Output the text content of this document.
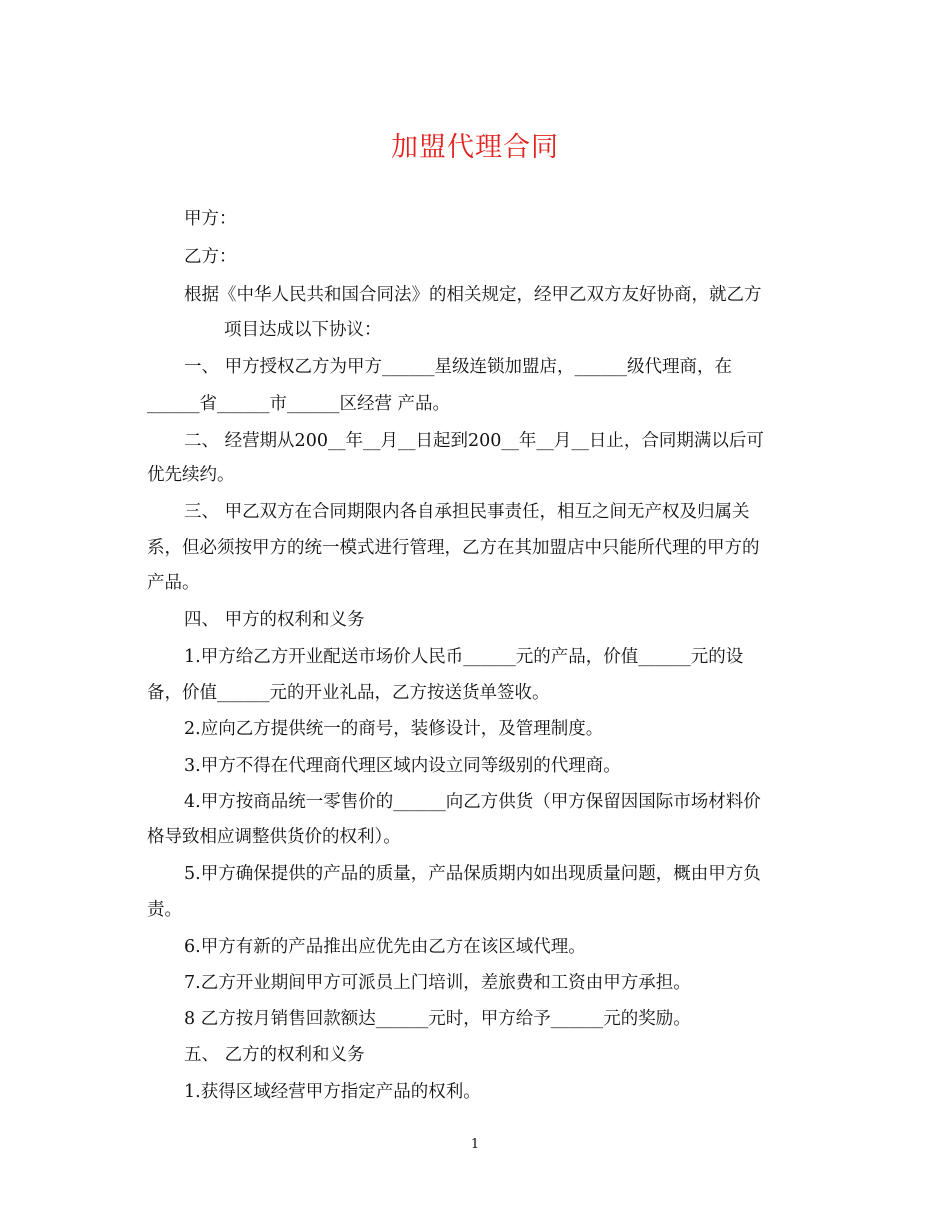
加盟代理合同
甲方：
乙方：
根据《中华人民共和国合同法》的相关规定，经甲乙双方友好协商，就乙方
项目达成以下协议：
一、 甲方授权乙方为甲方______星级连锁加盟店，______级代理商，在
______省______市______区经营 产品。
二、 经营期从200__年__月__日起到200__年__月__日止，合同期满以后可
优先续约。
三、 甲乙双方在合同期限内各自承担民事责任，相互之间无产权及归属关
系，但必须按甲方的统一模式进行管理，乙方在其加盟店中只能所代理的甲方的
产品。
四、 甲方的权利和义务
1.甲方给乙方开业配送市场价人民币______元的产品，价值______元的设
备，价值______元的开业礼品，乙方按送货单签收。
2.应向乙方提供统一的商号，装修设计，及管理制度。
3.甲方不得在代理商代理区域内设立同等级别的代理商。
4.甲方按商品统一零售价的______向乙方供货（甲方保留因国际市场材料价
格导致相应调整供货价的权利）。
5.甲方确保提供的产品的质量，产品保质期内如出现质量问题，概由甲方负
责。
6.甲方有新的产品推出应优先由乙方在该区域代理。
7.乙方开业期间甲方可派员上门培训，差旅费和工资由甲方承担。
8 乙方按月销售回款额达______元时，甲方给予______元的奖励。
五、 乙方的权利和义务
1.获得区域经营甲方指定产品的权利。
1
